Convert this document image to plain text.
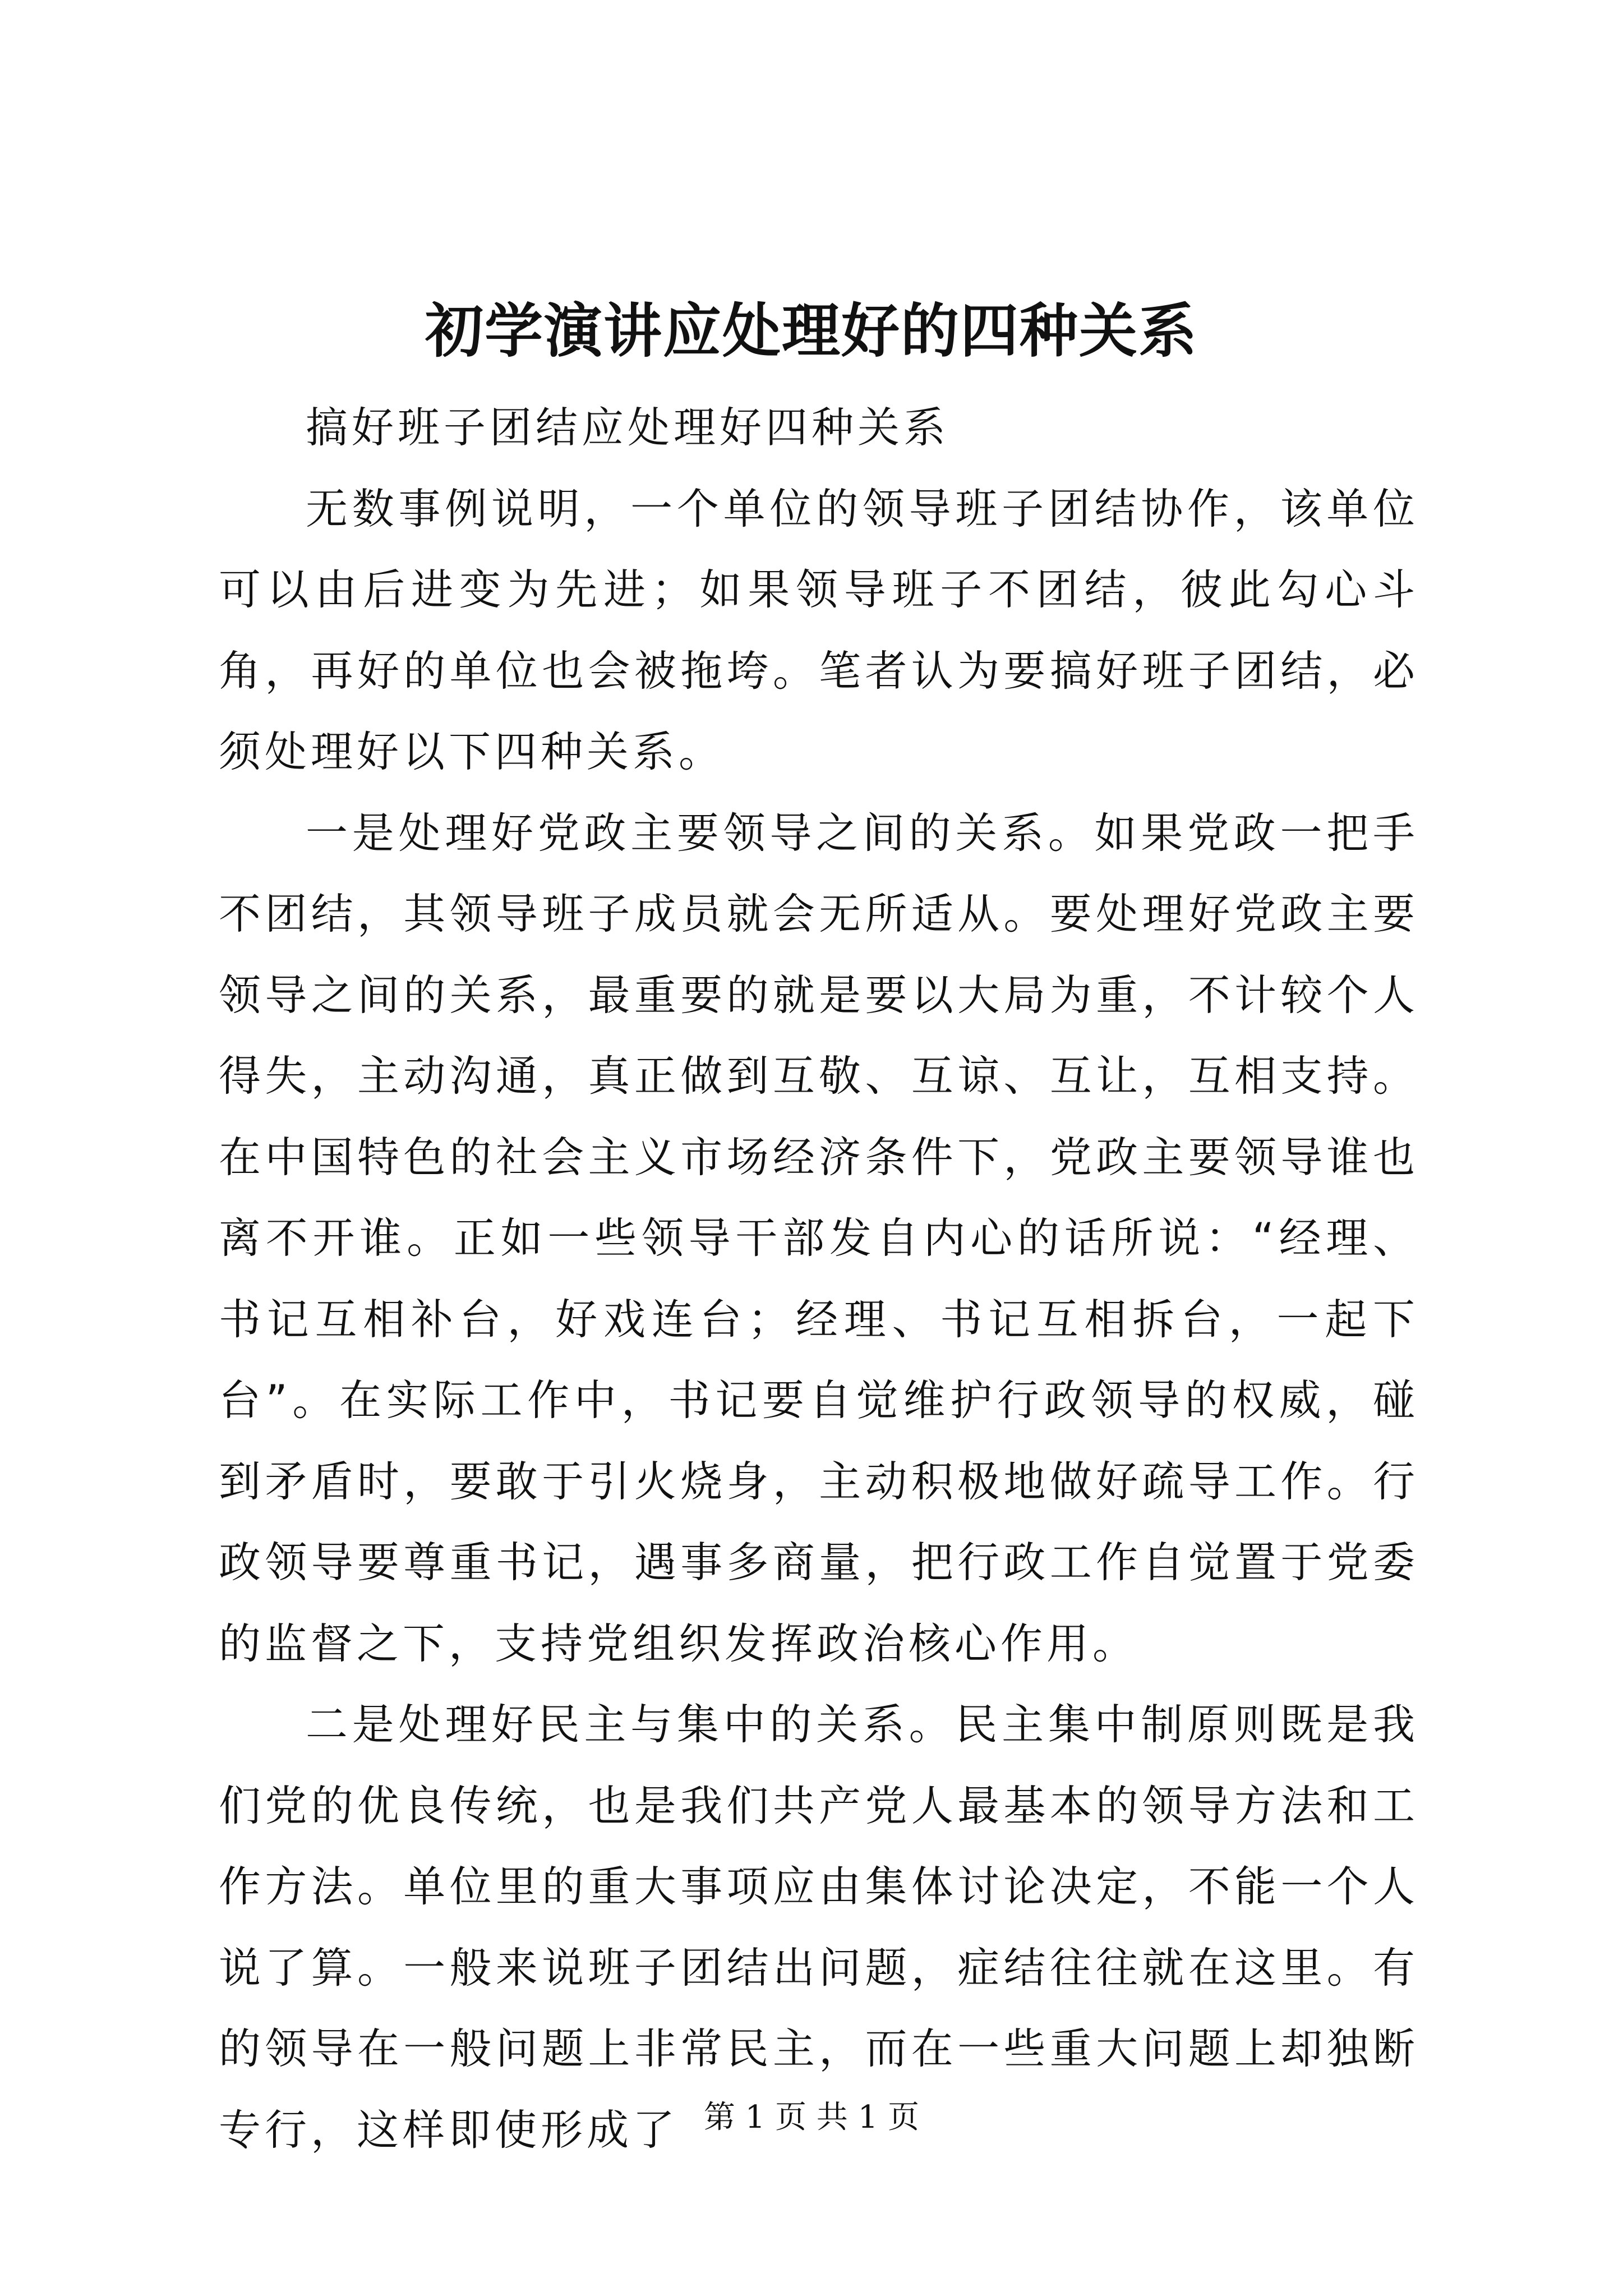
初学演讲应处理好的四种关系

搞好班子团结应处理好四种关系

无数事例说明，一个单位的领导班子团结协作，该单位可以由后进变为先进；如果领导班子不团结，彼此勾心斗角，再好的单位也会被拖垮。笔者认为要搞好班子团结，必须处理好以下四种关系。

一是处理好党政主要领导之间的关系。如果党政一把手不团结，其领导班子成员就会无所适从。要处理好党政主要领导之间的关系，最重要的就是要以大局为重，不计较个人得失，主动沟通，真正做到互敬、互谅、互让，互相支持。在中国特色的社会主义市场经济条件下，党政主要领导谁也离不开谁。正如一些领导干部发自内心的话所说：“经理、书记互相补台，好戏连台；经理、书记互相拆台，一起下台”。在实际工作中，书记要自觉维护行政领导的权威，碰到矛盾时，要敢于引火烧身，主动积极地做好疏导工作。行政领导要尊重书记，遇事多商量，把行政工作自觉置于党委的监督之下，支持党组织发挥政治核心作用。

二是处理好民主与集中的关系。民主集中制原则既是我们党的优良传统，也是我们共产党人最基本的领导方法和工作方法。单位里的重大事项应由集体讨论决定，不能一个人说了算。一般来说班子团结出问题，症结往往就在这里。有的领导在一般问题上非常民主，而在一些重大问题上却独断专行，这样即使形成了 第 1 页 共 1 页
